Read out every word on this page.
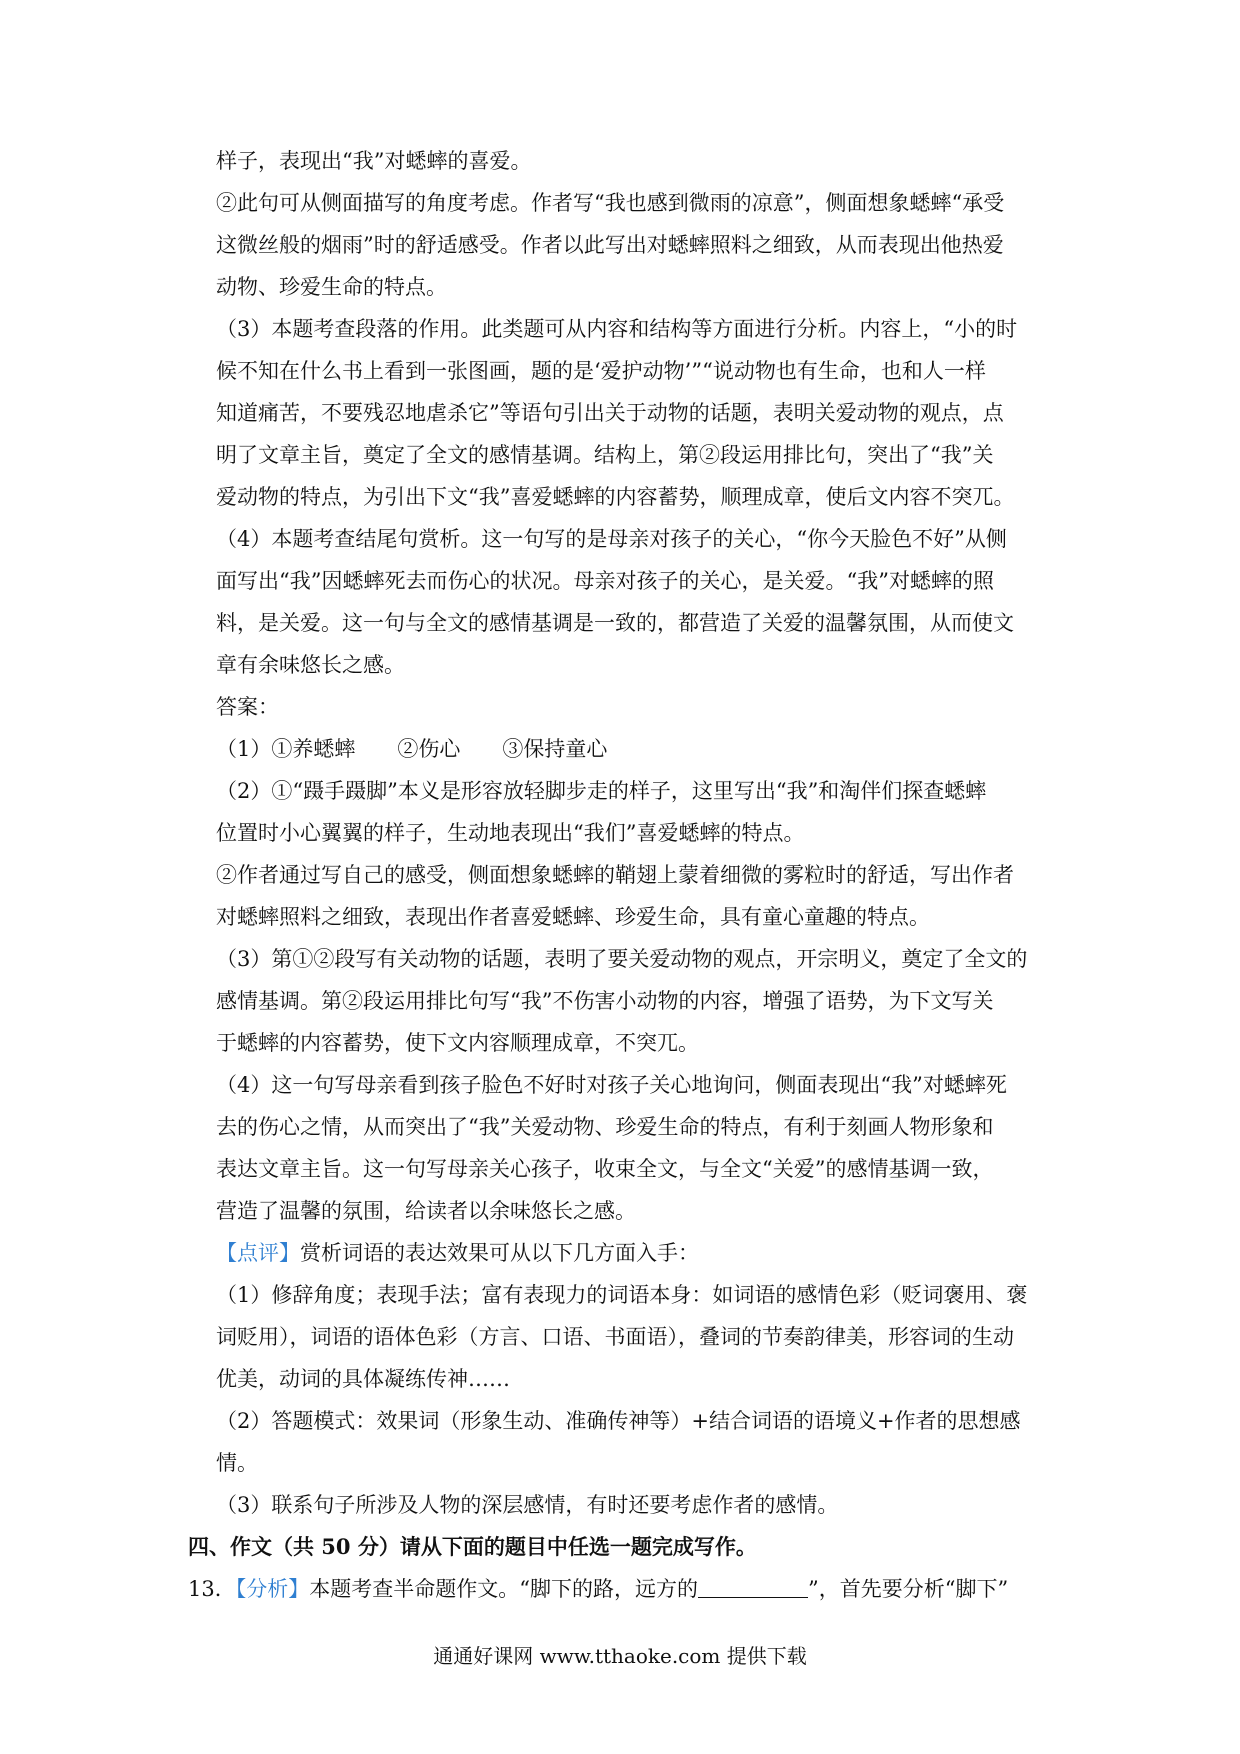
样子，表现出“我”对蟋蟀的喜爱。

②此句可从侧面描写的角度考虑。作者写“我也感到微雨的凉意”，侧面想象蟋蟀“承受

这微丝般的烟雨”时的舒适感受。作者以此写出对蟋蟀照料之细致，从而表现出他热爱

动物、珍爱生命的特点。

（3）本题考查段落的作用。此类题可从内容和结构等方面进行分析。内容上，“小的时

候不知在什么书上看到一张图画，题的是‘爱护动物’”“说动物也有生命，也和人一样

知道痛苦，不要残忍地虐杀它”等语句引出关于动物的话题，表明关爱动物的观点，点

明了文章主旨，奠定了全文的感情基调。结构上，第②段运用排比句，突出了“我”关

爱动物的特点，为引出下文“我”喜爱蟋蟀的内容蓄势，顺理成章，使后文内容不突兀。

（4）本题考查结尾句赏析。这一句写的是母亲对孩子的关心，“你今天脸色不好”从侧

面写出“我”因蟋蟀死去而伤心的状况。母亲对孩子的关心，是关爱。“我”对蟋蟀的照

料，是关爱。这一句与全文的感情基调是一致的，都营造了关爱的温馨氛围，从而使文

章有余味悠长之感。

答案：

（1）①养蟋蟀　　②伤心　　③保持童心

（2）①“蹑手蹑脚”本义是形容放轻脚步走的样子，这里写出“我”和淘伴们探查蟋蟀

位置时小心翼翼的样子，生动地表现出“我们”喜爱蟋蟀的特点。

②作者通过写自己的感受，侧面想象蟋蟀的鞘翅上蒙着细微的雾粒时的舒适，写出作者

对蟋蟀照料之细致，表现出作者喜爱蟋蟀、珍爱生命，具有童心童趣的特点。

（3）第①②段写有关动物的话题，表明了要关爱动物的观点，开宗明义，奠定了全文的

感情基调。第②段运用排比句写“我”不伤害小动物的内容，增强了语势，为下文写关

于蟋蟀的内容蓄势，使下文内容顺理成章，不突兀。

（4）这一句写母亲看到孩子脸色不好时对孩子关心地询问，侧面表现出“我”对蟋蟀死

去的伤心之情，从而突出了“我”关爱动物、珍爱生命的特点，有利于刻画人物形象和

表达文章主旨。这一句写母亲关心孩子，收束全文，与全文“关爱”的感情基调一致，

营造了温馨的氛围，给读者以余味悠长之感。

【点评】赏析词语的表达效果可从以下几方面入手：

（1）修辞角度；表现手法；富有表现力的词语本身：如词语的感情色彩（贬词褒用、褒

词贬用），词语的语体色彩（方言、口语、书面语），叠词的节奏韵律美，形容词的生动

优美，动词的具体凝练传神……

（2）答题模式：效果词（形象生动、准确传神等）+结合词语的语境义+作者的思想感情。

（3）联系句子所涉及人物的深层感情，有时还要考虑作者的感情。

四、作文（共 50 分）请从下面的题目中任选一题完成写作。

13．【分析】本题考查半命题作文。“脚下的路，远方的	”，首先要分析“脚下”

通通好课网 www.tthaoke.com 提供下载
